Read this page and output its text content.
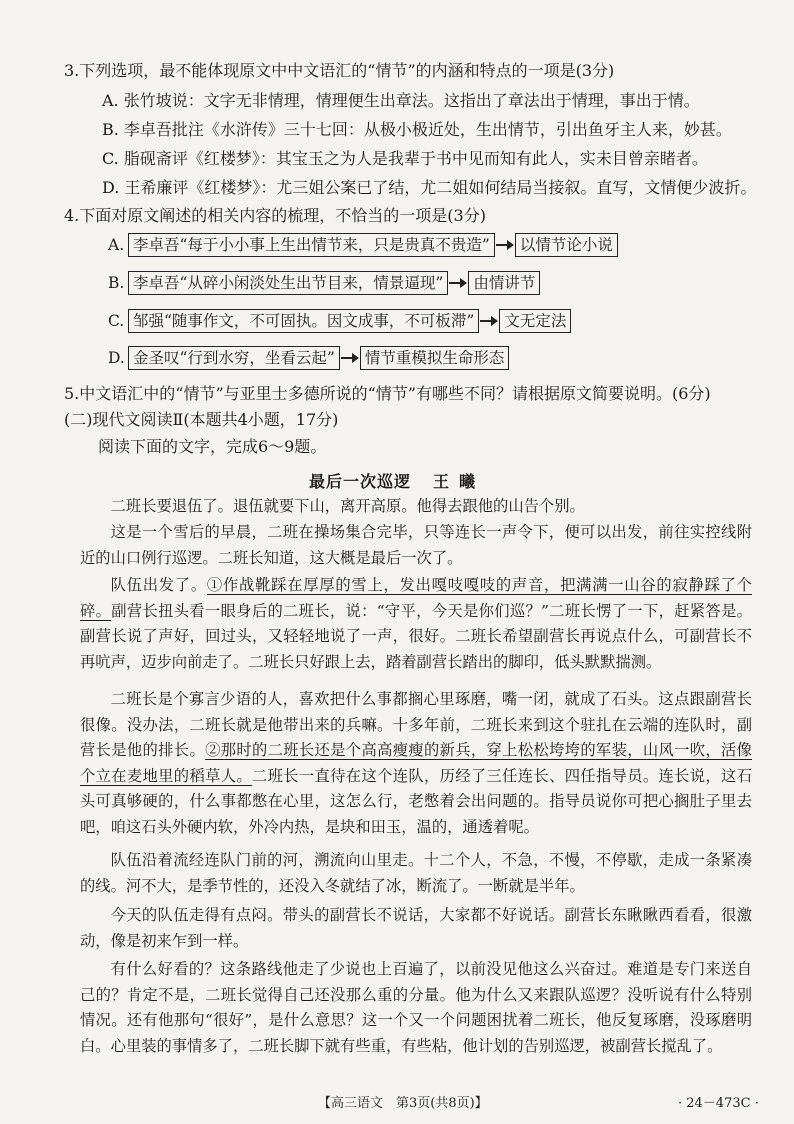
3.下列选项，最不能体现原文中中文语汇的“情节”的内涵和特点的一项是(3分)
A. 张竹坡说：文字无非情理，情理便生出章法。这指出了章法出于情理，事出于情。
B. 李卓吾批注《水浒传》三十七回：从极小极近处，生出情节，引出鱼牙主人来，妙甚。
C. 脂砚斋评《红楼梦》：其宝玉之为人是我辈于书中见而知有此人，实未目曾亲睹者。
D. 王希廉评《红楼梦》：尤三姐公案已了结，尤二姐如何结局当接叙。直写，文情便少波折。
4.下面对原文阐述的相关内容的梳理，不恰当的一项是(3分)
A. 李卓吾“每于小小事上生出情节来，只是贵真不贵造”	以情节论小说
B. 李卓吾“从碎小闲淡处生出节目来，情景逼现”	由情讲节
C. 邹强“随事作文，不可固执。因文成事，不可板滞”	文无定法
D. 金圣叹“行到水穷，坐看云起”	情节重模拟生命形态
5.中文语汇中的“情节”与亚里士多德所说的“情节”有哪些不同？请根据原文简要说明。(6分)
(二)现代文阅读Ⅱ(本题共4小题，17分)
阅读下面的文字，完成6～9题。
最后一次巡逻 王曦
二班长要退伍了。退伍就要下山，离开高原。他得去跟他的山告个别。
这是一个雪后的早晨，二班在操场集合完毕，只等连长一声令下，便可以出发，前往实控线附近的山口例行巡逻。二班长知道，这大概是最后一次了。
队伍出发了。①作战靴踩在厚厚的雪上，发出嘎吱嘎吱的声音，把满满一山谷的寂静踩了个碎。副营长扭头看一眼身后的二班长，说：“守平，今天是你们巡？”二班长愣了一下，赶紧答是。副营长说了声好，回过头，又轻轻地说了一声，很好。二班长希望副营长再说点什么，可副营长不再吭声，迈步向前走了。二班长只好跟上去，踏着副营长踏出的脚印，低头默默揣测。
二班长是个寡言少语的人，喜欢把什么事都搁心里琢磨，嘴一闭，就成了石头。这点跟副营长很像。没办法，二班长就是他带出来的兵嘛。十多年前，二班长来到这个驻扎在云端的连队时，副营长是他的排长。②那时的二班长还是个高高瘦瘦的新兵，穿上松松垮垮的军装，山风一吹，活像个立在麦地里的稻草人。二班长一直待在这个连队，历经了三任连长、四任指导员。连长说，这石头可真够硬的，什么事都憋在心里，这怎么行，老憋着会出问题的。指导员说你可把心搁肚子里去吧，咱这石头外硬内软，外冷内热，是块和田玉，温的，通透着呢。
队伍沿着流经连队门前的河，溯流向山里走。十二个人，不急，不慢，不停歇，走成一条紧凑的线。河不大，是季节性的，还没入冬就结了冰，断流了。一断就是半年。
今天的队伍走得有点闷。带头的副营长不说话，大家都不好说话。副营长东瞅瞅西看看，很激动，像是初来乍到一样。
有什么好看的？这条路线他走了少说也上百遍了，以前没见他这么兴奋过。难道是专门来送自己的？肯定不是，二班长觉得自己还没那么重的分量。他为什么又来跟队巡逻？没听说有什么特别情况。还有他那句“很好”，是什么意思？这一个又一个问题困扰着二班长，他反复琢磨，没琢磨明白。心里装的事情多了，二班长脚下就有些重，有些粘，他计划的告别巡逻，被副营长搅乱了。
【高三语文　第3页(共8页)】	· 24－473C ·
